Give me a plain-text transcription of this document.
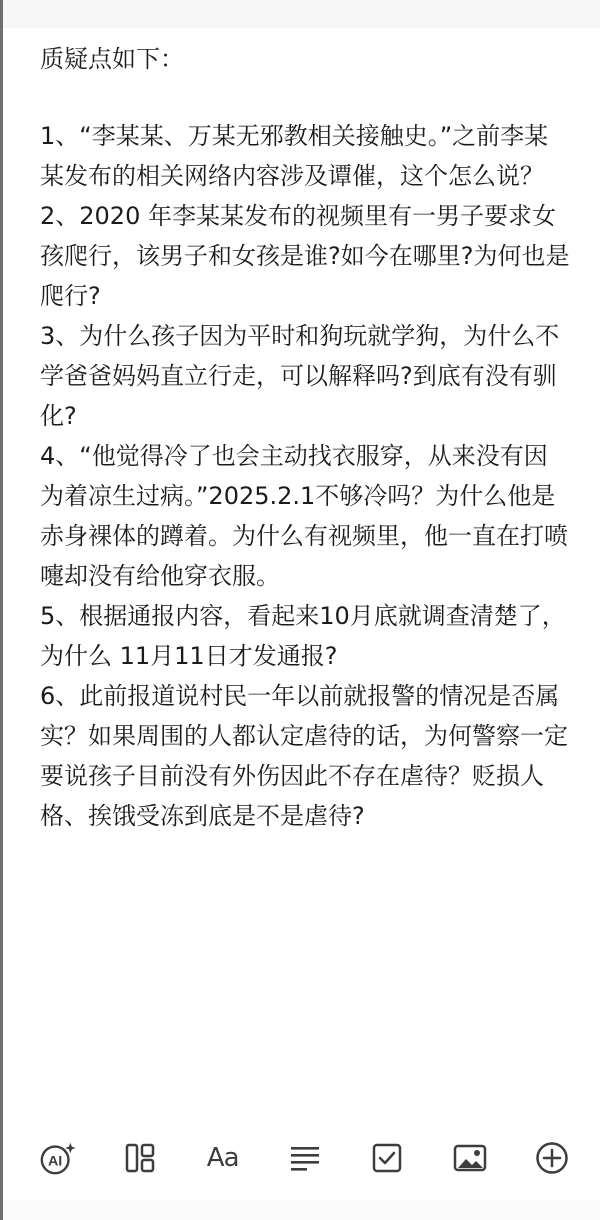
质疑点如下：

1、“李某某、万某无邪教相关接触史。”之前李某某发布的相关网络内容涉及谭催，这个怎么说？

2、2020 年李某某发布的视频里有一男子要求女孩爬行，该男子和女孩是谁?如今在哪里?为何也是爬行?

3、为什么孩子因为平时和狗玩就学狗，为什么不学爸爸妈妈直立行走，可以解释吗?到底有没有驯化?

4、“他觉得冷了也会主动找衣服穿，从来没有因为着凉生过病。”2025.2.1不够冷吗？为什么他是赤身裸体的蹲着。为什么有视频里，他一直在打喷嚏却没有给他穿衣服。

5、根据通报内容，看起来10月底就调查清楚了，为什么 11月11日才发通报?

6、此前报道说村民一年以前就报警的情况是否属实？如果周围的人都认定虐待的话，为何警察一定要说孩子目前没有外伤因此不存在虐待？贬损人格、挨饿受冻到底是不是虐待?

AI	Aa
